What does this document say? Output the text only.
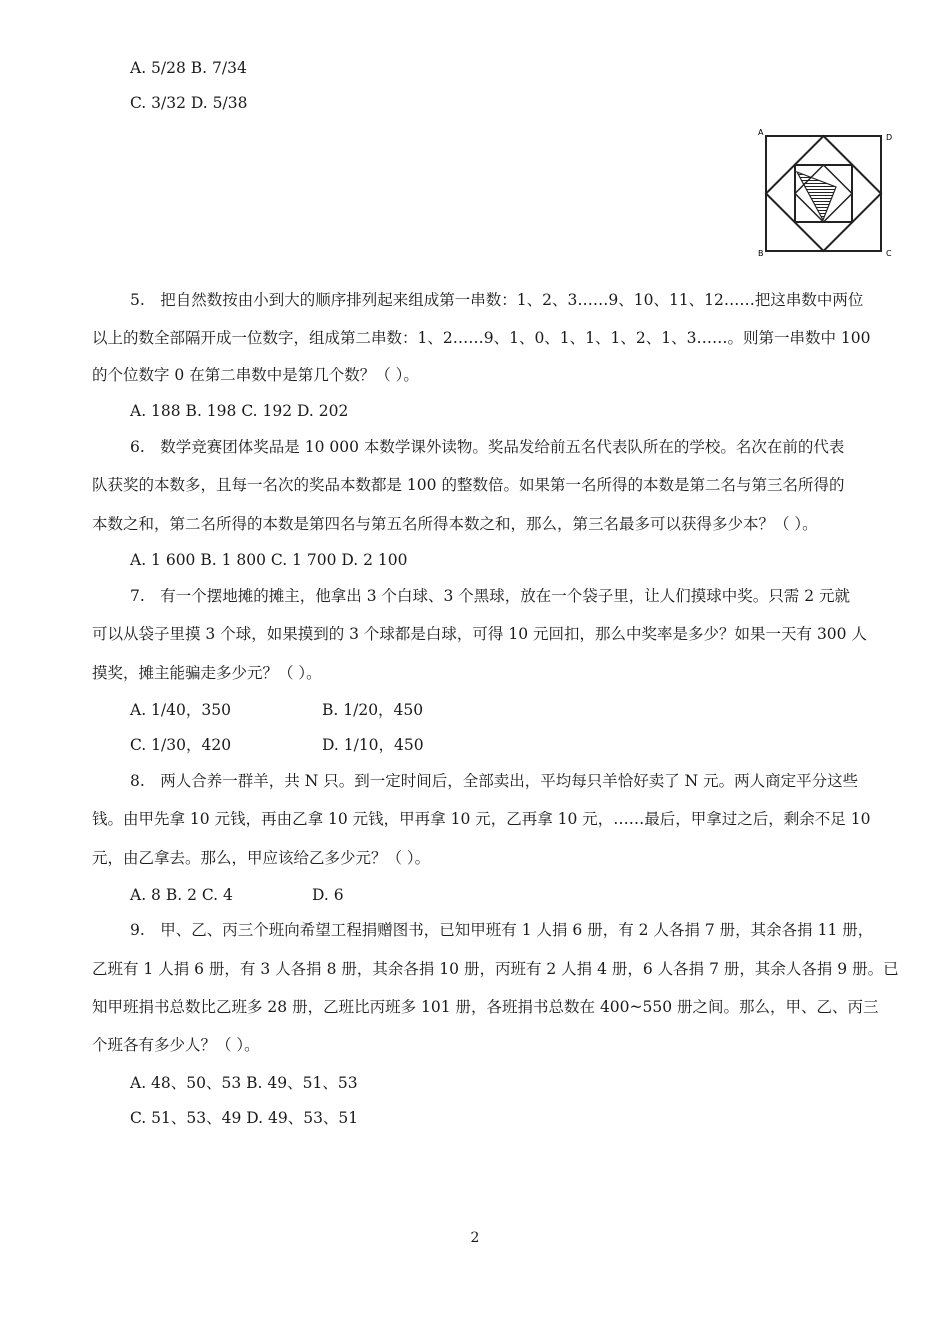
A. 5/28 B. 7/34
C. 3/32 D. 5/38
A
D
B	C
5.　把自然数按由小到大的顺序排列起来组成第一串数：1、2、3……9、10、11、12……把这串数中两位
以上的数全部隔开成一位数字，组成第二串数：1、2……9、1、0、1、1、1、2、1、3……。则第一串数中 100
的个位数字 0 在第二串数中是第几个数？（ ）。
A. 188 B. 198 C. 192 D. 202
6.　数学竞赛团体奖品是 10 000 本数学课外读物。奖品发给前五名代表队所在的学校。名次在前的代表
队获奖的本数多，且每一名次的奖品本数都是 100 的整数倍。如果第一名所得的本数是第二名与第三名所得的
本数之和，第二名所得的本数是第四名与第五名所得本数之和，那么，第三名最多可以获得多少本？（ ）。
A. 1 600 B. 1 800 C. 1 700 D. 2 100
7.　有一个摆地摊的摊主，他拿出 3 个白球、3 个黑球，放在一个袋子里，让人们摸球中奖。只需 2 元就
可以从袋子里摸 3 个球，如果摸到的 3 个球都是白球，可得 10 元回扣，那么中奖率是多少？如果一天有 300 人
摸奖，摊主能骗走多少元？（ ）。
A. 1/40，350	B. 1/20，450
C. 1/30，420	D. 1/10，450
8.　两人合养一群羊，共 N 只。到一定时间后，全部卖出，平均每只羊恰好卖了 N 元。两人商定平分这些
钱。由甲先拿 10 元钱，再由乙拿 10 元钱，甲再拿 10 元，乙再拿 10 元，……最后，甲拿过之后，剩余不足 10
元，由乙拿去。那么，甲应该给乙多少元？（ ）。
A. 8 B. 2 C. 4	D. 6
9.　甲、乙、丙三个班向希望工程捐赠图书，已知甲班有 1 人捐 6 册，有 2 人各捐 7 册，其余各捐 11 册，
乙班有 1 人捐 6 册，有 3 人各捐 8 册，其余各捐 10 册，丙班有 2 人捐 4 册，6 人各捐 7 册，其余人各捐 9 册。已
知甲班捐书总数比乙班多 28 册，乙班比丙班多 101 册，各班捐书总数在 400~550 册之间。那么，甲、乙、丙三
个班各有多少人？（ ）。
A. 48、50、53 B. 49、51、53
C. 51、53、49 D. 49、53、51
2
